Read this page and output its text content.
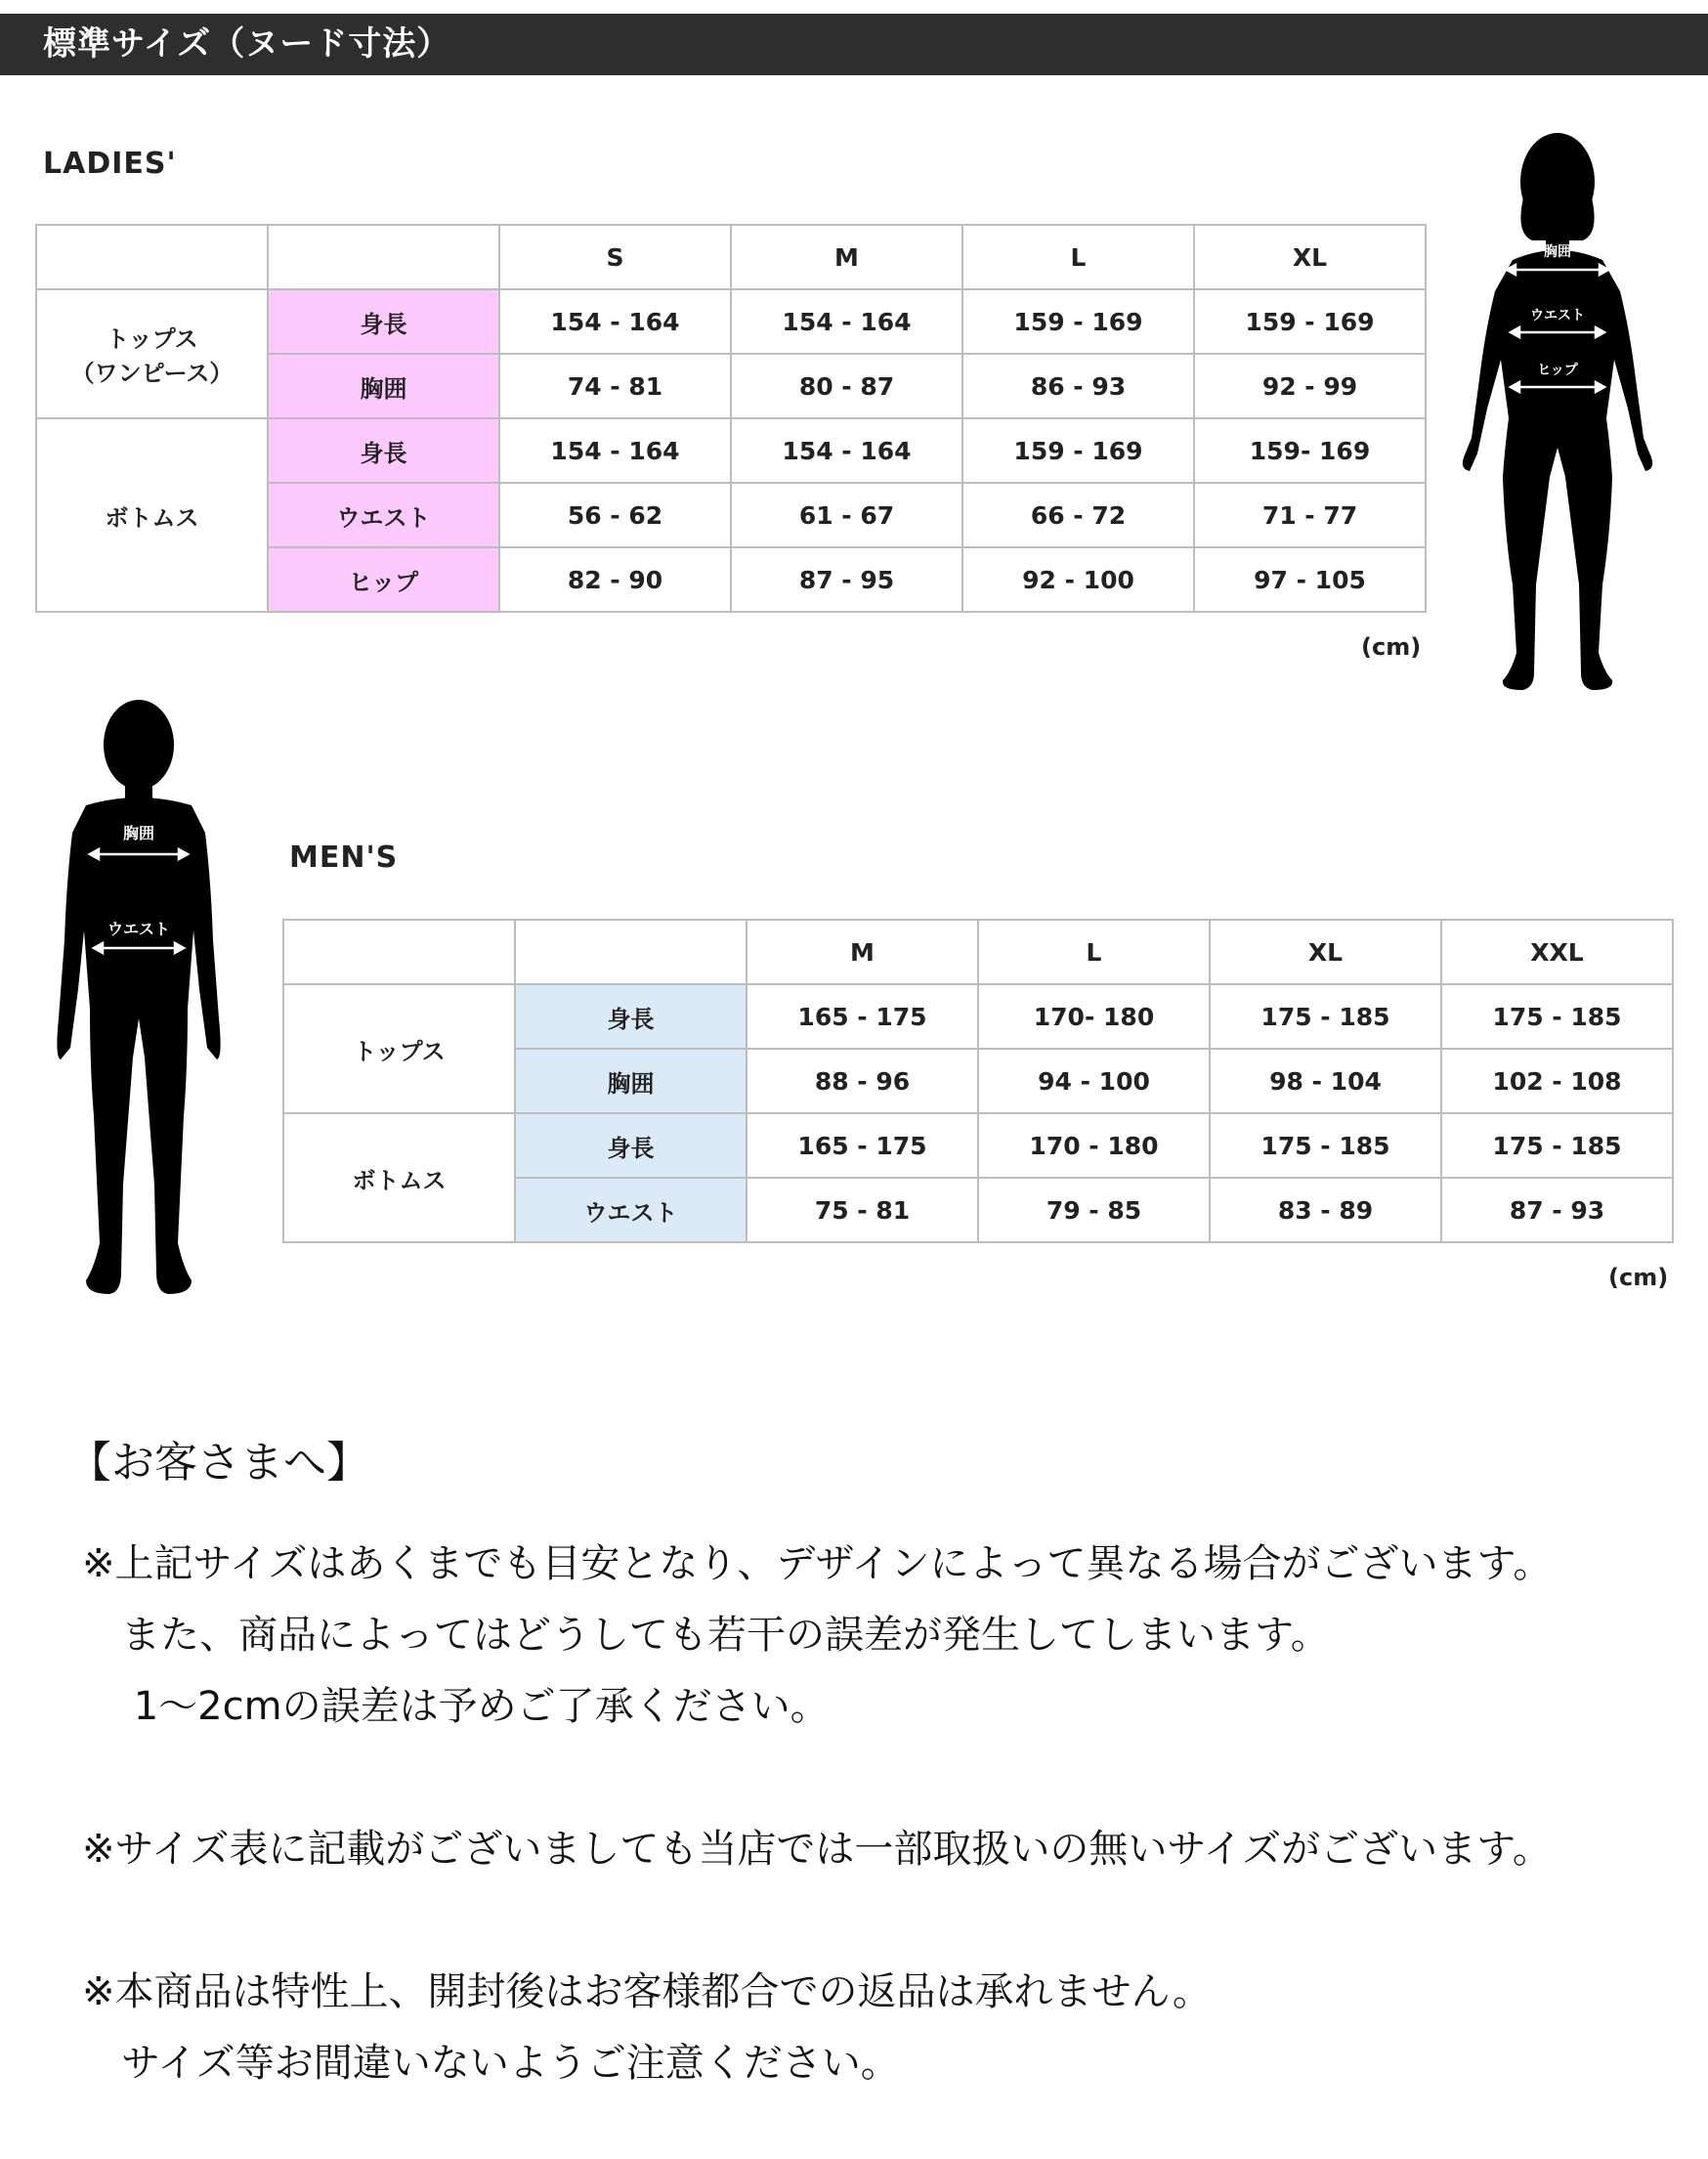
標準サイズ（ヌード寸法）
LADIES'
		S	M	L	XL

トップス
（ワンピース）	身長	154 - 164	154 - 164	159 - 169	159 - 169
	胸囲	74 - 81	80 - 87	86 - 93	92 - 99

ボトムス	身長	154 - 164	154 - 164	159 - 169	159- 169
	ウエスト	56 - 62	61 - 67	66 - 72	71 - 77
	ヒップ	82 - 90	87 - 95	92 - 100	97 - 105
(cm)
胸囲
ウエスト
ヒップ
胸囲
ウエスト
MEN'S
		M	L	XL	XXL

トップス	身長	165 - 175	170- 180	175 - 185	175 - 185
	胸囲	88 - 96	94 - 100	98 - 104	102 - 108

ボトムス	身長	165 - 175	170 - 180	175 - 185	175 - 185
	ウエスト	75 - 81	79 - 85	83 - 89	87 - 93
(cm)
【お客さまへ】
※上記サイズはあくまでも目安となり、デザインによって異なる場合がございます。
　また、商品によってはどうしても若干の誤差が発生してしまいます。
　 1〜2cmの誤差は予めご了承ください。
※サイズ表に記載がございましても当店では一部取扱いの無いサイズがございます。
※本商品は特性上、開封後はお客様都合での返品は承れません。
　サイズ等お間違いないようご注意ください。
